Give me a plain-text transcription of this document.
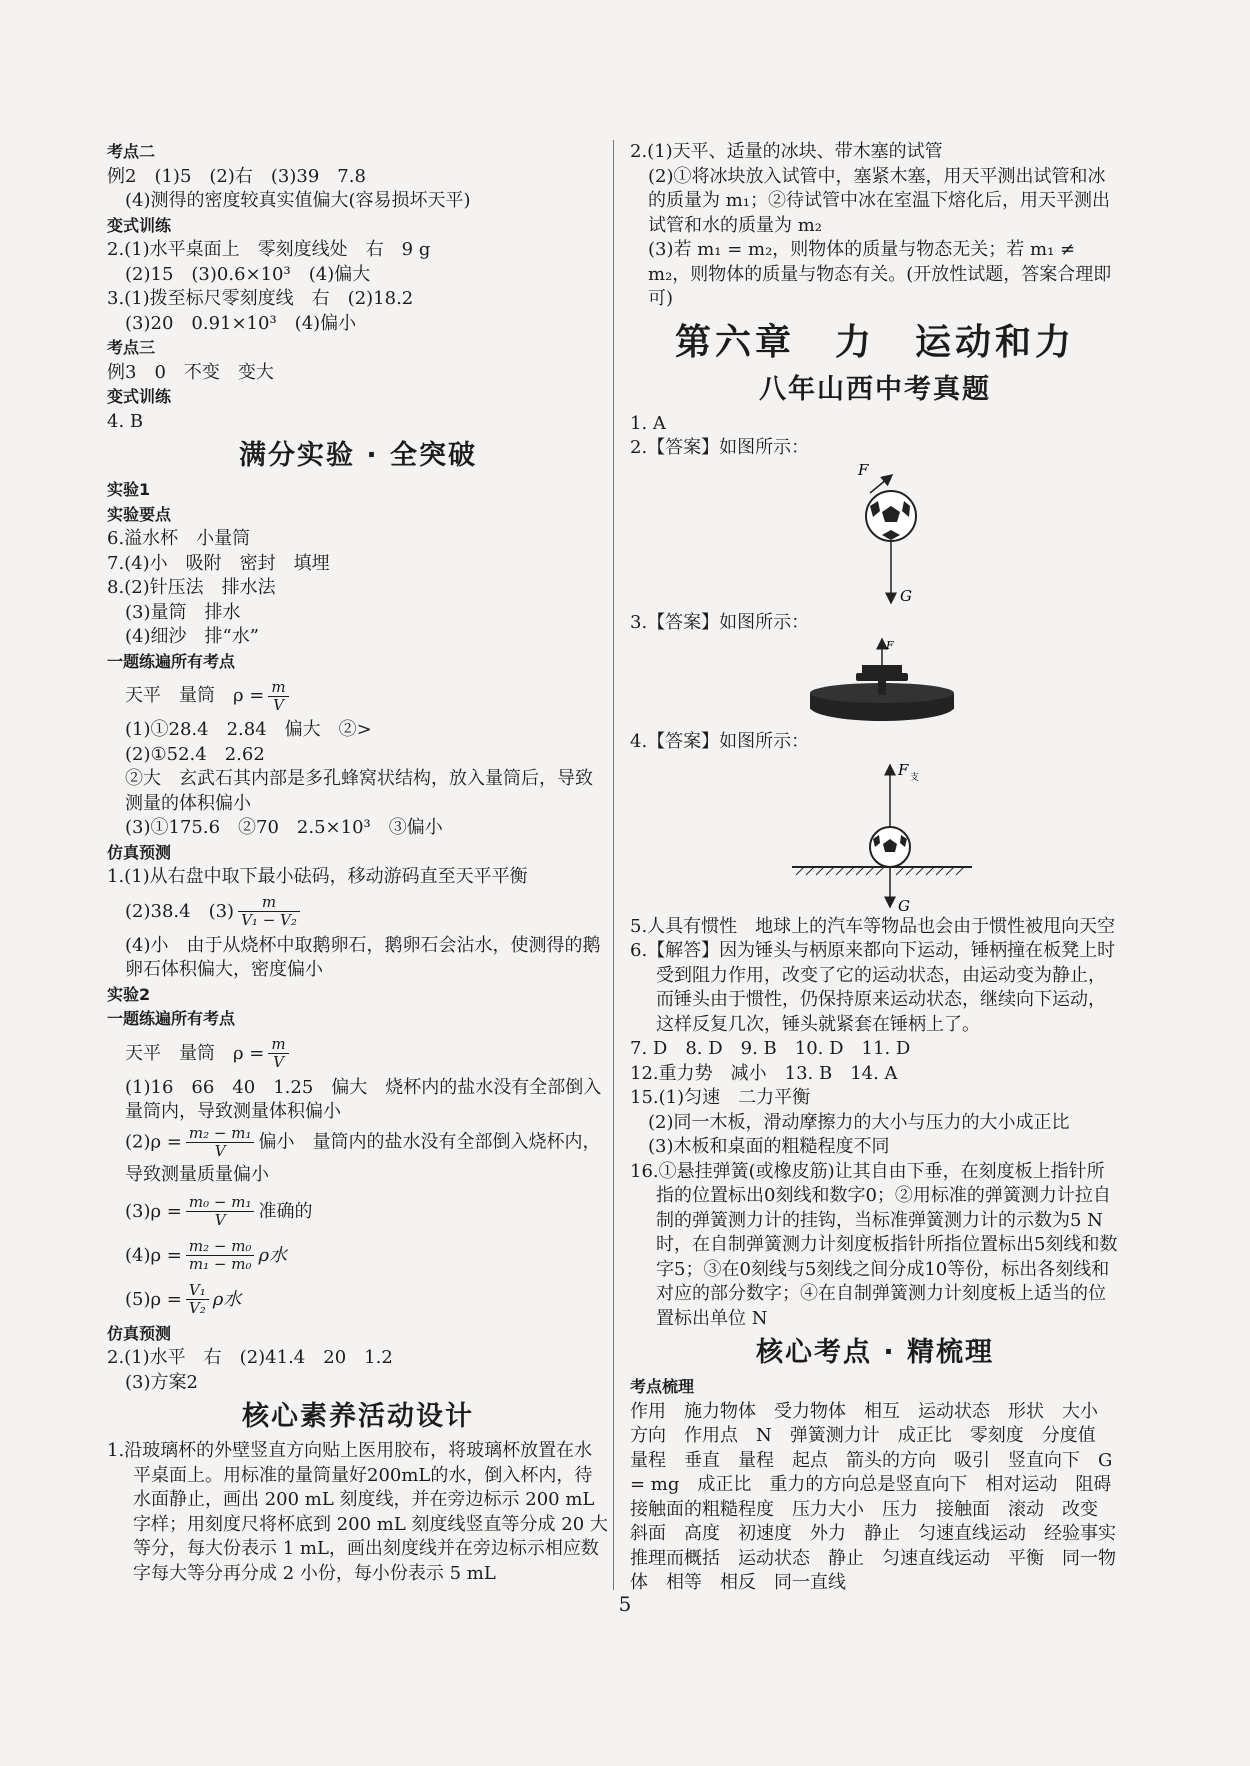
考点二
例2　(1)5　(2)右　(3)39　7.8
(4)测得的密度较真实值偏大(容易损坏天平)
变式训练
2.(1)水平桌面上　零刻度线处　右　9 g
(2)15　(3)0.6×10³　(4)偏大
3.(1)拨至标尺零刻度线　右　(2)18.2
(3)20　0.91×10³　(4)偏小
考点三
例3　0　不变　变大
变式训练
4. B
满分实验 · 全突破
实验1
实验要点
6.溢水杯　小量筒
7.(4)小　吸附　密封　填埋
8.(2)针压法　排水法
(3)量筒　排水
(4)细沙　排“水”
一题练遍所有考点
天平　量筒　$\rho = \frac{m}{V}$
(1)①28.4　2.84　偏大　②>
(2)①52.4　2.62
②大　玄武石其内部是多孔蜂窝状结构，放入量筒后，导致测量的体积偏小
(3)①175.6　②70　2.5×10³　③偏小
仿真预测
1.(1)从右盘中取下最小砝码，移动游码直至天平平衡
(2)38.4　$(3) \frac{m}{\text{V₁ − V₂}}$
(4)小　由于从烧杯中取鹅卵石，鹅卵石会沾水，使测得的鹅卵石体积偏大，密度偏小
实验2
一题练遍所有考点
天平　量筒　$\rho = \frac{m}{V}$
(1)16　66　40　1.25　偏大　烧杯内的盐水没有全部倒入量筒内，导致测量体积偏小
$(2)\rho = \frac{\text{m₂ − m₁}}{V}$ 偏小　量筒内的盐水没有全部倒入烧杯内，导致测量质量偏小
$(3)\rho = \frac{\text{m₀ − m₁}}{V}$ 准确的
$(4)\rho = \frac{\text{m₂ − m₀}}{\text{m₁ − m₀}}$ ρ水
$(5)\rho = \frac{\text{V₁}}{\text{V₂}}$ ρ水
仿真预测
2.(1)水平　右　(2)41.4　20　1.2
(3)方案2
核心素养活动设计
1.沿玻璃杯的外壁竖直方向贴上医用胶布，将玻璃杯放置在水平桌面上。用标准的量筒量好200mL的水，倒入杯内，待水面静止，画出 200 mL 刻度线，并在旁边标示 200 mL 字样；用刻度尺将杯底到 200 mL 刻度线竖直等分成 20 大等分，每大份表示 1 mL，画出刻度线并在旁边标示相应数字每大等分再分成 2 小份，每小份表示 5 mL
2.(1)天平、适量的冰块、带木塞的试管
(2)①将冰块放入试管中，塞紧木塞，用天平测出试管和冰的质量为 m₁；②待试管中冰在室温下熔化后，用天平测出试管和水的质量为 m₂
(3)若 m₁ = m₂，则物体的质量与物态无关；若 m₁ ≠ m₂，则物体的质量与物态有关。(开放性试题，答案合理即可)
第六章　力　运动和力
八年山西中考真题
1. A
2.【答案】如图所示：
F
G
3.【答案】如图所示：
F
4.【答案】如图所示：
F 支
G
5.人具有惯性　地球上的汽车等物品也会由于惯性被甩向天空
6.【解答】因为锤头与柄原来都向下运动，锤柄撞在板凳上时受到阻力作用，改变了它的运动状态，由运动变为静止，而锤头由于惯性，仍保持原来运动状态，继续向下运动，这样反复几次，锤头就紧套在锤柄上了。
7. D　8. D　9. B　10. D　11. D
12.重力势　减小　13. B　14. A
15.(1)匀速　二力平衡
(2)同一木板，滑动摩擦力的大小与压力的大小成正比
(3)木板和桌面的粗糙程度不同
16.①悬挂弹簧(或橡皮筋)让其自由下垂，在刻度板上指针所指的位置标出0刻线和数字0；②用标准的弹簧测力计拉自制的弹簧测力计的挂钩，当标准弹簧测力计的示数为5 N时，在自制弹簧测力计刻度板指针所指位置标出5刻线和数字5；③在0刻线与5刻线之间分成10等份，标出各刻线和对应的部分数字；④在自制弹簧测力计刻度板上适当的位置标出单位 N
核心考点 · 精梳理
考点梳理
作用　施力物体　受力物体　相互　运动状态　形状　大小　方向　作用点　N　弹簧测力计　成正比　零刻度　分度值　量程　垂直　量程　起点　箭头的方向　吸引　竖直向下　G = mg　成正比　重力的方向总是竖直向下　相对运动　阻碍　接触面的粗糙程度　压力大小　压力　接触面　滚动　改变　斜面　高度　初速度　外力　静止　匀速直线运动　经验事实　推理而概括　运动状态　静止　匀速直线运动　平衡　同一物体　相等　相反　同一直线
5
